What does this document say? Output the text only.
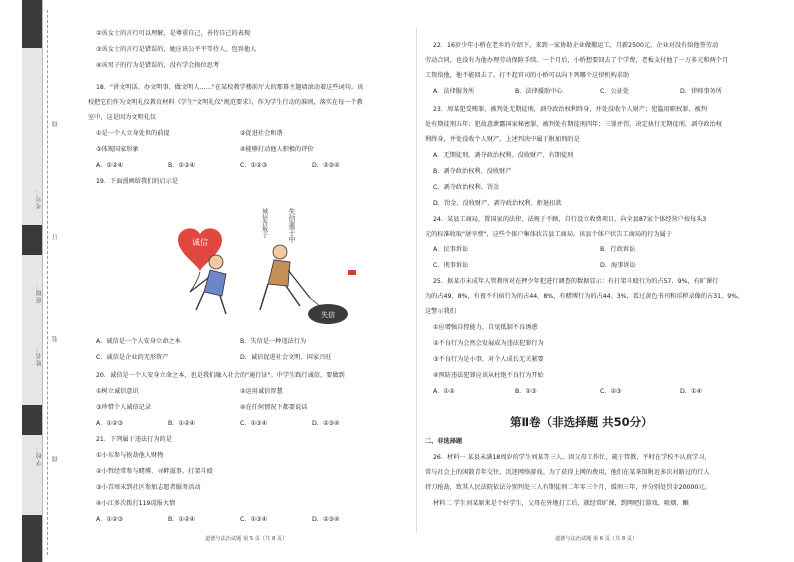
学校：
姓名：
班级：
考号：
线
订
装
线
②该女士的言行可以理解，是尊重自己，善待自己的表现
③该女士的言行是错误的，她应该公平平等待人、包容他人
④该男子的行为是错误的，没有学会换位思考
18．"讲文明话、办文明事、做文明人……"在某校教学楼前厅大的那幕主题墙滚动着这些词句。该
校把它们作为文明礼仪教育材料《学生"文明礼仪"规范要求》，作为学生行动的准则，落实在每一个教
室中，这是因为文明礼仪
①是一个人立身处世的前提	②促进社会和谐
③体现国家形象	④能够打动他人积极的评价
A．①②④	B．①③④	C．①②③	D．②③④
19．下面漫画给我们的启示是
诚信
失信
城信背叛于	失信重于中
A．诚信是一个人安身立命之本	B．失信是一种违法行为
C．诚信是企业的无形资产	D．诚信促进社会文明、国家兴旺
20．诚信是一个人安身立命之本，也是我们融入社会的"通行证"。中学生践行诚信，要做到
①树立诚信意识	②运用诚信智慧
③珍惜个人诚信记录	④在任何情况下都要说话
A．①②③	B．①②④	C．①③④	D．②③④
21．下列属于违法行为的是
①小东参与抢劫他人财物
②小哲经常参与赌博、寻衅滋事、打架斗殴
③小青周末到社区参加志愿者服务活动
④小江多次拨打119谎报火情
A．①②③	B．①②④	C．①③④	D．②③④
道德与法治试题 第 5 页（共 8 页）
22．16岁少年小桥在老乡的介绍下，来到一家协助企业做搬运工，月薪2500元，企业对没有给他签劳动
劳动合同，也没有为他办理劳动保险手续。一个月后，小桥想要回去了个学费，老板支付他了一万多元和两个月
工资给他，他不能回去了。打不起官司的小桥可以向下列哪个这律机构求助
A．法律服务所	B．法律援助中心	C．公证处	D．律师事务所
23．周某犯受贿罪，被判处无期徒刑，剥夺政治权利终身，并处没收个人财产；犯滥用职权罪，被判
处有期徒刑五年；犯故意泄露国家秘密罪，被判处有期徒刑四年；三罪并罚，决定执行无期徒刑，剥夺政治权
利终身，并处没收个人财产。上述判决中属于附加刑的是
A．无期徒刑、剥夺政治权利、没收财产、有期徒刑
B．剥夺政治权利、没收财产
C．剥夺政治权利、罚金
D．罚金、没收财产、剥夺政治权利、拒退扣款
24．某县工商局，置国家的法律、法规于不顾，自行设立收费项目，向全县87家个体经营户按每头3
元的标准收取"屠宰费"，这些个体户集体状告县工商局。该县个体户状告工商局的行为属于
A．民事诉讼	B．行政诉讼
C．刑事诉讼	D．海事诉讼
25．据某市未成年人管教所对在押少年犯进行调查的数据显示：有打架斗殴行为的占57、9%，有旷课行
为的占49、8%，有夜不归宿行为的占44、8%，有赌博行为的占44、3%，看过黄色书刊和淫秽录像的占31、9%。
这警示我们
①应增强自控能力，自觉抵制不良诱惑
②不良行为会然会发展成为违法犯罪行为
③不良行为是小事，对个人成长无关紧要
④预防违法犯罪应该从杜绝不良行为开始
A．①②	B．①③	C．②③	D．①④
第Ⅱ卷（非选择题 共50分）
二、非选择题
26．材料一 某县未满18周岁的学生刘某等三人，因父母工作忙，疏于管教，平时在学校不认真学习，
常与社会上的闲散青年交往，沉迷网络游戏。为了获得上网的费用，他们在某茶馆附近多次对路过的行人
持刀抢劫，致其人民法院依法分别判处三人有期徒刑二年零三个月，缓刑三年，并分别处罚金20000元。
材料二 学生刘某原来是个好学生，父母在外地打工后，就经常旷课，到网吧打游戏，吸烟、酗
道德与法治试题 第 6 页（共 8 页）
